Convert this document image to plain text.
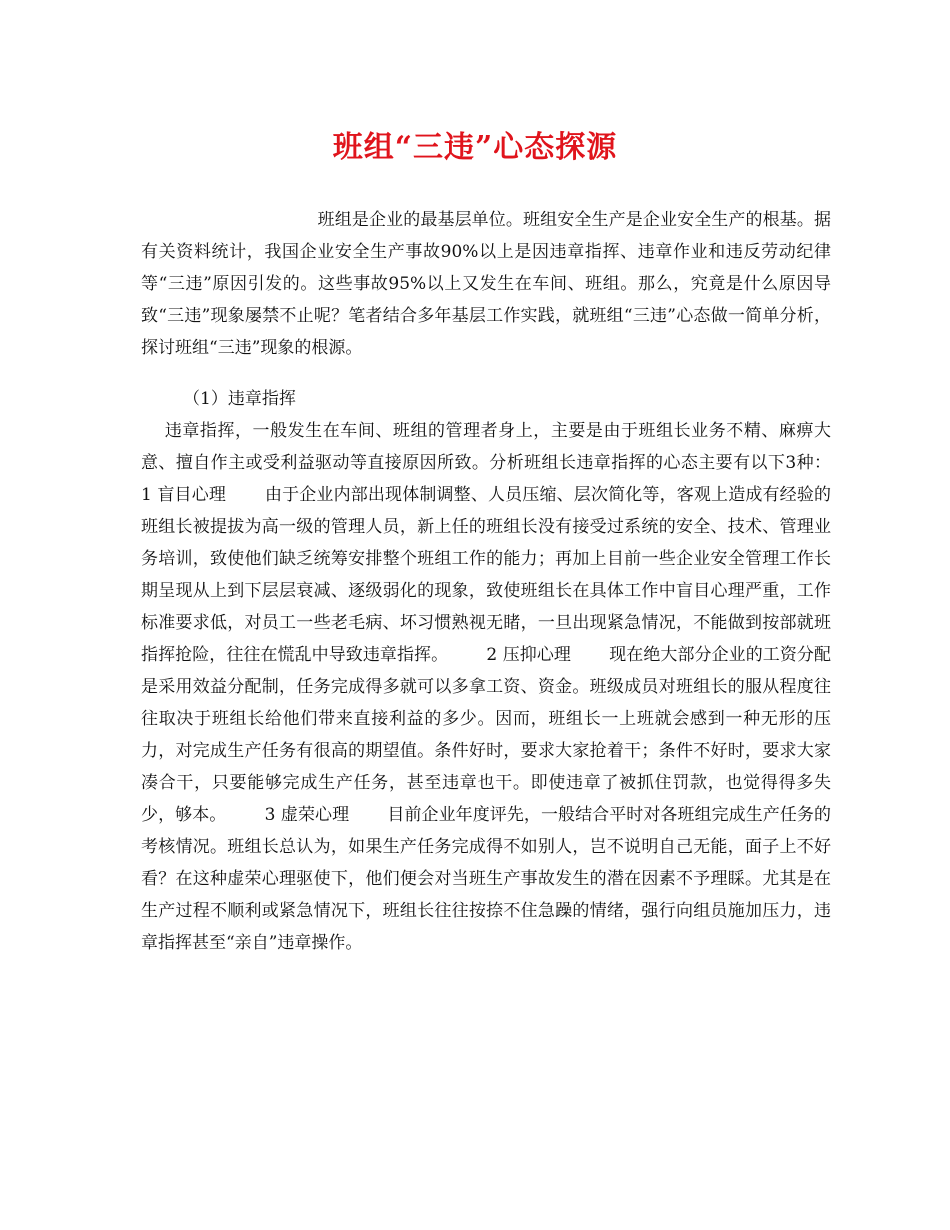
班组“三违”心态探源
班组是企业的最基层单位。班组安全生产是企业安全生产的根基。据有关资料统计，我国企业安全生产事故90%以上是因违章指挥、违章作业和违反劳动纪律等“三违”原因引发的。这些事故95%以上又发生在车间、班组。那么，究竟是什么原因导致“三违”现象屡禁不止呢？笔者结合多年基层工作实践，就班组“三违”心态做一简单分析，探讨班组“三违”现象的根源。
（1）违章指挥
违章指挥，一般发生在车间、班组的管理者身上，主要是由于班组长业务不精、麻痹大意、擅自作主或受利益驱动等直接原因所致。分析班组长违章指挥的心态主要有以下3种：       1 盲目心理       由于企业内部出现体制调整、人员压缩、层次简化等，客观上造成有经验的班组长被提拔为高一级的管理人员，新上任的班组长没有接受过系统的安全、技术、管理业务培训，致使他们缺乏统筹安排整个班组工作的能力；再加上目前一些企业安全管理工作长期呈现从上到下层层衰减、逐级弱化的现象，致使班组长在具体工作中盲目心理严重，工作标准要求低，对员工一些老毛病、坏习惯熟视无睹，一旦出现紧急情况，不能做到按部就班指挥抢险，往往在慌乱中导致违章指挥。       2 压抑心理       现在绝大部分企业的工资分配是采用效益分配制，任务完成得多就可以多拿工资、资金。班级成员对班组长的服从程度往往取决于班组长给他们带来直接利益的多少。因而，班组长一上班就会感到一种无形的压力，对完成生产任务有很高的期望值。条件好时，要求大家抢着干；条件不好时，要求大家凑合干，只要能够完成生产任务，甚至违章也干。即使违章了被抓住罚款，也觉得得多失少，够本。       3 虚荣心理       目前企业年度评先，一般结合平时对各班组完成生产任务的考核情况。班组长总认为，如果生产任务完成得不如别人，岂不说明自己无能，面子上不好看？在这种虚荣心理驱使下，他们便会对当班生产事故发生的潜在因素不予理睬。尤其是在生产过程不顺利或紧急情况下，班组长往往按捺不住急躁的情绪，强行向组员施加压力，违章指挥甚至“亲自”违章操作。
